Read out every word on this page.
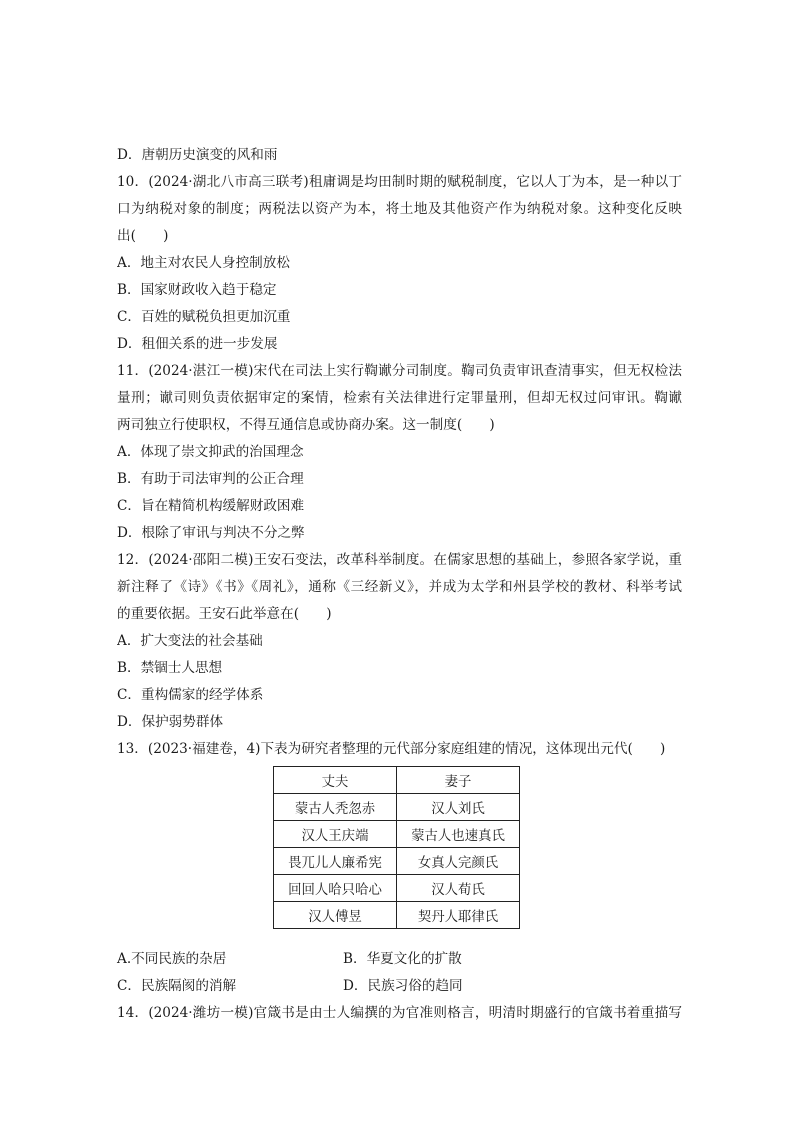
D．唐朝历史演变的风和雨
10．(2024·湖北八市高三联考)租庸调是均田制时期的赋税制度，它以人丁为本，是一种以丁
口为纳税对象的制度；两税法以资产为本，将土地及其他资产作为纳税对象。这种变化反映
出(　　)
A．地主对农民人身控制放松
B．国家财政收入趋于稳定
C．百姓的赋税负担更加沉重
D．租佃关系的进一步发展
11．(2024·湛江一模)宋代在司法上实行鞫谳分司制度。鞫司负责审讯查清事实，但无权检法
量刑；谳司则负责依据审定的案情，检索有关法律进行定罪量刑，但却无权过问审讯。鞫谳
两司独立行使职权，不得互通信息或协商办案。这一制度(　　)
A．体现了崇文抑武的治国理念
B．有助于司法审判的公正合理
C．旨在精简机构缓解财政困难
D．根除了审讯与判决不分之弊
12．(2024·邵阳二模)王安石变法，改革科举制度。在儒家思想的基础上，参照各家学说，重
新注释了《诗》《书》《周礼》，通称《三经新义》，并成为太学和州县学校的教材、科举考试
的重要依据。王安石此举意在(　　)
A．扩大变法的社会基础
B．禁锢士人思想
C．重构儒家的经学体系
D．保护弱势群体
13．(2023·福建卷，4)下表为研究者整理的元代部分家庭组建的情况，这体现出元代(　　)
丈夫	妻子
蒙古人秃忽赤	汉人刘氏
汉人王庆端	蒙古人也速真氏
畏兀儿人廉希宪	女真人完颜氏
回回人哈只哈心	汉人荀氏
汉人傅昱	契丹人耶律氏
A.不同民族的杂居	B．华夏文化的扩散
C．民族隔阂的消解	D．民族习俗的趋同
14．(2024·潍坊一模)官箴书是由士人编撰的为官准则格言，明清时期盛行的官箴书着重描写
